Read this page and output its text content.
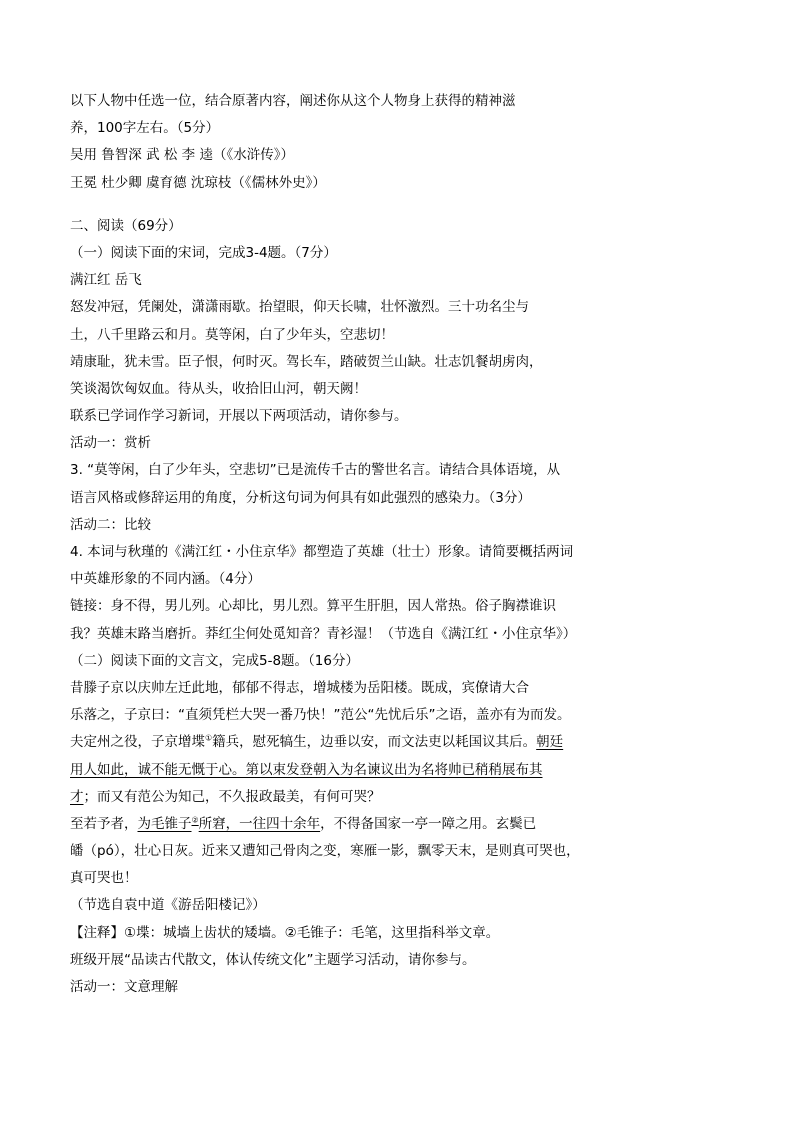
以下人物中任选一位，结合原著内容，阐述你从这个人物身上获得的精神滋
养，100字左右。（5分）
吴用 鲁智深 武 松 李 逵（《水浒传》）
王冕 杜少卿 虞育德 沈琼枝（《儒林外史》）
二、阅读（69分）
（一）阅读下面的宋词，完成3-4题。（7分）
满江红 岳飞
怒发冲冠，凭阑处，潇潇雨歇。抬望眼，仰天长啸，壮怀激烈。三十功名尘与
土，八千里路云和月。莫等闲，白了少年头，空悲切！
靖康耻，犹未雪。臣子恨，何时灭。驾长车，踏破贺兰山缺。壮志饥餐胡虏肉，
笑谈渴饮匈奴血。待从头，收拾旧山河，朝天阙！
联系已学词作学习新词，开展以下两项活动，请你参与。
活动一：赏析
3. “莫等闲，白了少年头，空悲切”已是流传千古的警世名言。请结合具体语境，从
语言风格或修辞运用的角度，分析这句词为何具有如此强烈的感染力。（3分）
活动二：比较
4. 本词与秋瑾的《满江红・小住京华》都塑造了英雄（壮士）形象。请简要概括两词
中英雄形象的不同内涵。（4分）
链接：身不得，男儿列。心却比，男儿烈。算平生肝胆，因人常热。俗子胸襟谁识
我？英雄末路当磨折。莽红尘何处觅知音？青衫湿！（节选自《满江红・小住京华》）
（二）阅读下面的文言文，完成5-8题。（16分）
昔滕子京以庆帅左迁此地，郁郁不得志，增城楼为岳阳楼。既成，宾僚请大合
乐落之，子京曰：“直须凭栏大哭一番乃快！”范公“先忧后乐”之语，盖亦有为而发。
夫定州之役，子京增堞①籍兵，慰死犒生，边垂以安，而文法吏以耗国议其后。朝廷
用人如此，诚不能无慨于心。第以束发登朝入为名谏议出为名将帅已稍稍展布其
才；而又有范公为知己，不久报政最美，有何可哭？
至若予者，为毛锥子②所窘，一往四十余年，不得备国家一亭一障之用。玄鬓已
皤（pó），壮心日灰。近来又遭知己骨肉之变，寒雁一影，飘零天末，是则真可哭也，
真可哭也！
（节选自袁中道《游岳阳楼记》）
【注释】①堞：城墙上齿状的矮墙。②毛锥子：毛笔，这里指科举文章。
班级开展“品读古代散文，体认传统文化”主题学习活动，请你参与。
活动一：文意理解
